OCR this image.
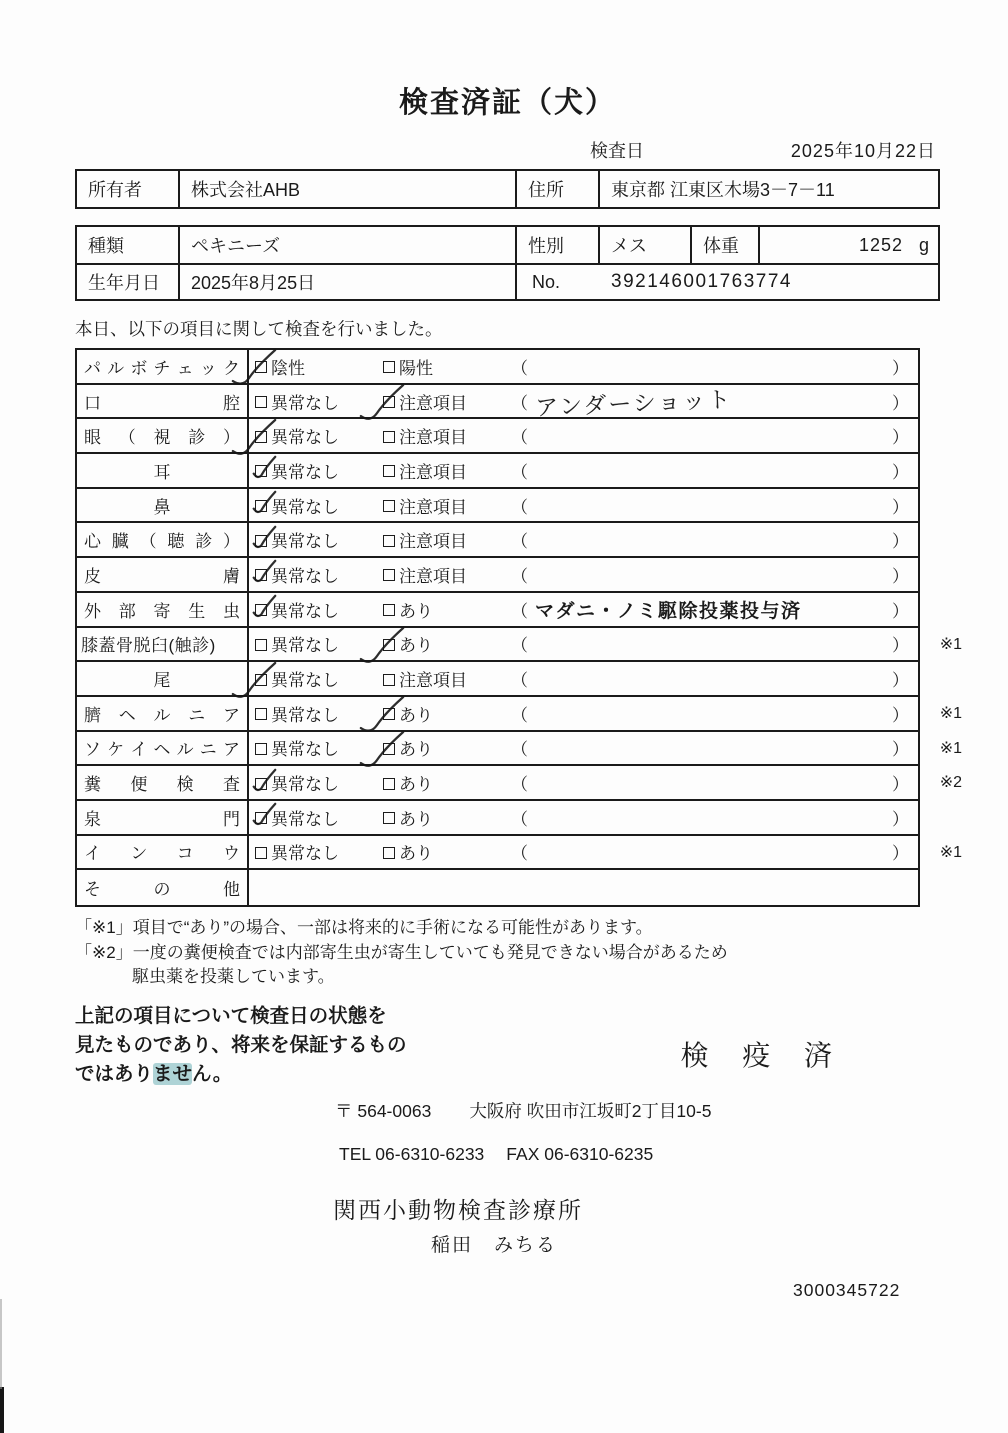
検査済証（犬）
検査日	2025年10月22日
所有者	株式会社AHB	住所	東京都 江東区木場3－7－11
種類	ペキニーズ	性別	メス	体重	1252 g
生年月日	2025年8月25日	No.	392146001763774
本日、以下の項目に関して検査を行いました。
パ ル ボ チ ェ ッ ク	陰性	陽性	（	）
口	腔	異常なし	注意項目	（ アンダーショット	）
眼 （ 視 診 ）	異常なし	注意項目	（	）
耳	異常なし	注意項目	（	）
鼻	異常なし	注意項目	（	）
心 臓 （ 聴 診 ）	異常なし	注意項目	（	）
皮	膚	異常なし	注意項目	（	）
外 部 寄 生 虫	異常なし	あり	（ マダニ・ノミ駆除投薬投与済	）
膝蓋骨脱臼(触診)	異常なし	あり	（	）	※1
尾	異常なし	注意項目	（	）
臍 ヘ ル ニ ア	異常なし	あり	（	）	※1
ソ ケ イ ヘ ル ニ ア	異常なし	あり	（	）	※1
糞 便 検 査	異常なし	あり	（	）	※2
泉	門	異常なし	あり	（	）
イ ン コ ウ	異常なし	あり	（	）	※1
そ	の	他
「※1」項目で“あり”の場合、一部は将来的に手術になる可能性があります。
「※2」一度の糞便検査では内部寄生虫が寄生していても発見できない場合があるため
駆虫薬を投薬しています。
上記の項目について検査日の状態を
見たものであり、将来を保証するもの
ではありません。
検 疫 済
〒 564-0063 大阪府 吹田市江坂町2丁目10-5
TEL 06-6310-6233 FAX 06-6310-6235
関西小動物検査診療所
稲田　みちる
3000345722
